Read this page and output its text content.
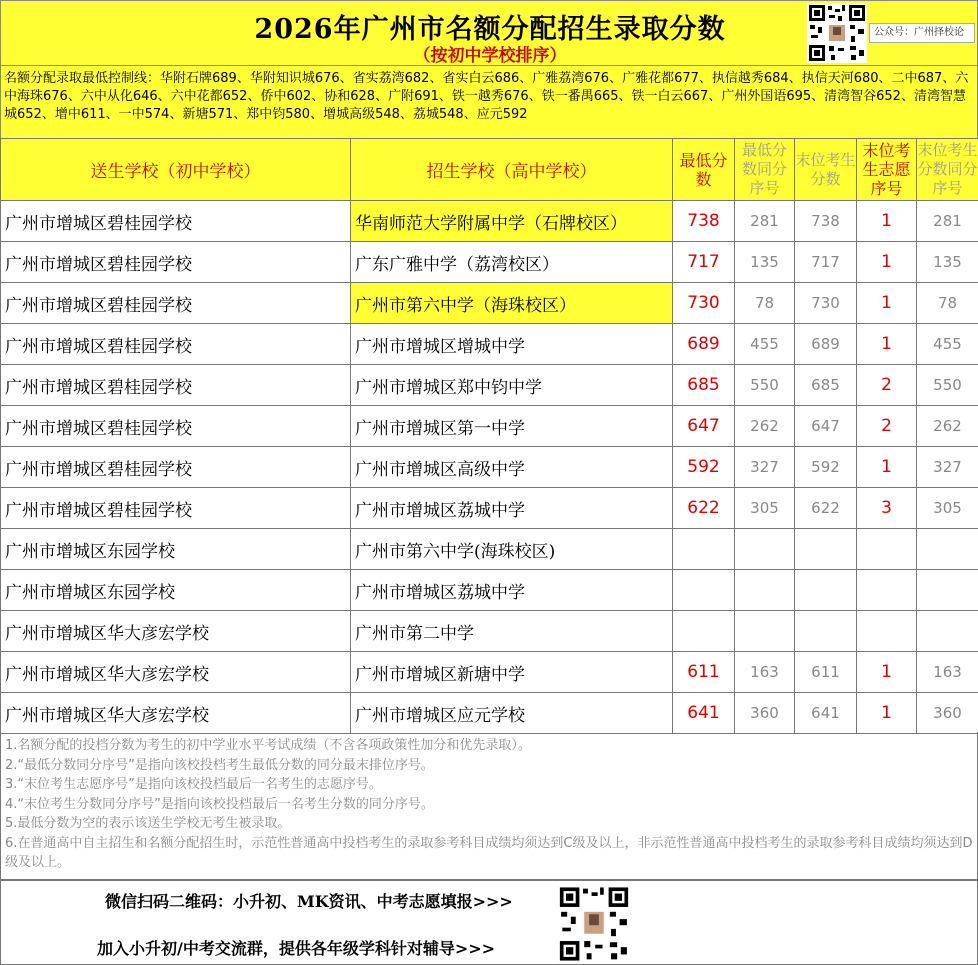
2026年广州市名额分配招生录取分数
（按初中学校排序）
公众号：广州择校论
名额分配录取最低控制线：华附石牌689、华附知识城676、省实荔湾682、省实白云686、广雅荔湾676、广雅花都677、执信越秀684、执信天河680、二中687、六中海珠676、六中从化646、六中花都652、侨中602、协和628、广附691、铁一越秀676、铁一番禺665、铁一白云667、广州外国语695、清湾智谷652、清湾智慧城652、增中611、一中574、新塘571、郑中钧580、增城高级548、荔城548、应元592
送生学校（初中学校）	招生学校（高中学校）	最低分数	最低分数同分序号	末位考生分数	末位考生志愿序号	末位考生分数同分序号
广州市增城区碧桂园学校	华南师范大学附属中学（石牌校区）	738	281	738	1	281
广州市增城区碧桂园学校	广东广雅中学（荔湾校区）	717	135	717	1	135
广州市增城区碧桂园学校	广州市第六中学（海珠校区）	730	78	730	1	78
广州市增城区碧桂园学校	广州市增城区增城中学	689	455	689	1	455
广州市增城区碧桂园学校	广州市增城区郑中钧中学	685	550	685	2	550
广州市增城区碧桂园学校	广州市增城区第一中学	647	262	647	2	262
广州市增城区碧桂园学校	广州市增城区高级中学	592	327	592	1	327
广州市增城区碧桂园学校	广州市增城区荔城中学	622	305	622	3	305
广州市增城区东园学校	广州市第六中学(海珠校区)					
广州市增城区东园学校	广州市增城区荔城中学					
广州市增城区华大彦宏学校	广州市第二中学					
广州市增城区华大彦宏学校	广州市增城区新塘中学	611	163	611	1	163
广州市增城区华大彦宏学校	广州市增城区应元学校	641	360	641	1	360

1.名额分配的投档分数为考生的初中学业水平考试成绩（不含各项政策性加分和优先录取）。

2.“最低分数同分序号”是指向该校投档考生最低分数的同分最末排位序号。

3.“末位考生志愿序号”是指向该校投档最后一名考生的志愿序号。

4.“末位考生分数同分序号”是指向该校投档最后一名考生分数的同分序号。

5.最低分数为空的表示该送生学校无考生被录取。

6.在普通高中自主招生和名额分配招生时，示范性普通高中投档考生的录取参考科目成绩均须达到C级及以上，非示范性普通高中投档考生的录取参考科目成绩均须达到D级及以上。

微信扫码二维码：小升初、MK资讯、中考志愿填报>>>
加入小升初/中考交流群，提供各年级学科针对辅导>>>
